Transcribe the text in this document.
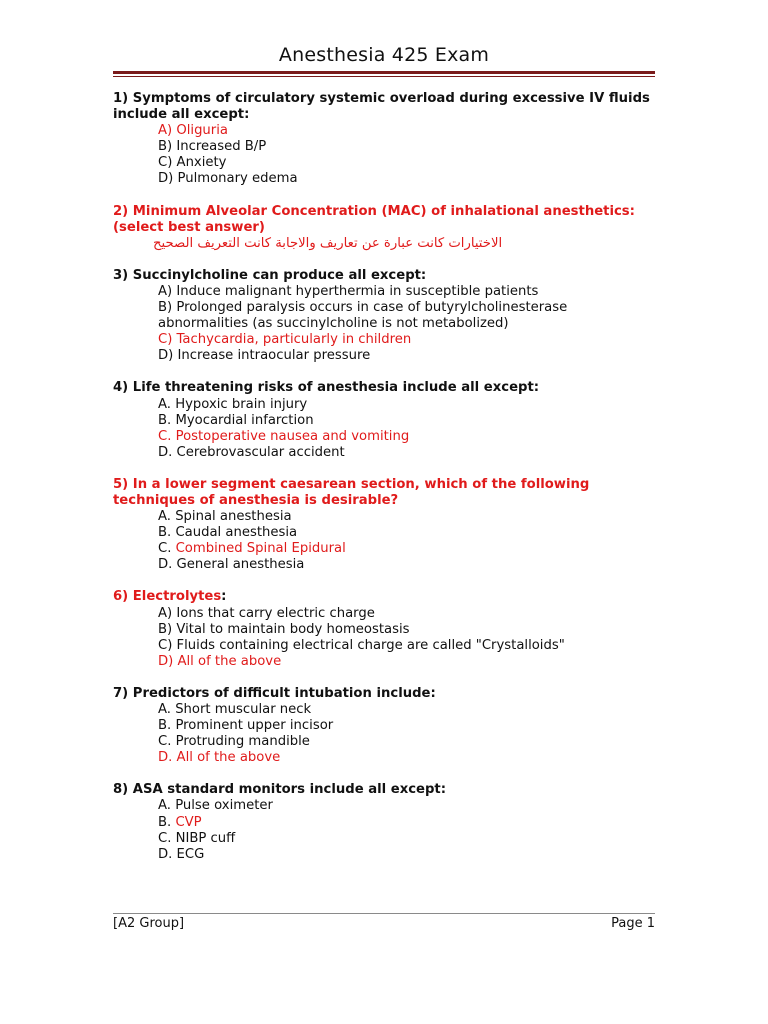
Anesthesia 425 Exam
1) Symptoms of circulatory systemic overload during excessive IV fluids include all except:
A) Oliguria
B) Increased B/P
C) Anxiety
D) Pulmonary edema
2) Minimum Alveolar Concentration (MAC) of inhalational anesthetics: (select best answer)
الاختيارات كانت عبارة عن تعاريف والاجابة كانت التعريف الصحيح
3) Succinylcholine can produce all except:
A) Induce malignant hyperthermia in susceptible patients
B) Prolonged paralysis occurs in case of butyrylcholinesterase abnormalities (as succinylcholine is not metabolized)
C) Tachycardia, particularly in children
D) Increase intraocular pressure
4) Life threatening risks of anesthesia include all except:
A. Hypoxic brain injury
B. Myocardial infarction
C. Postoperative nausea and vomiting
D. Cerebrovascular accident
5) In a lower segment caesarean section, which of the following techniques of anesthesia is desirable?
A. Spinal anesthesia
B. Caudal anesthesia
C. Combined Spinal Epidural
D. General anesthesia
6) Electrolytes:
A) Ions that carry electric charge
B) Vital to maintain body homeostasis
C) Fluids containing electrical charge are called "Crystalloids"
D) All of the above
7) Predictors of difficult intubation include:
A. Short muscular neck
B. Prominent upper incisor
C. Protruding mandible
D. All of the above
8) ASA standard monitors include all except:
A. Pulse oximeter
B. CVP
C. NIBP cuff
D. ECG
[A2 Group]	Page 1
